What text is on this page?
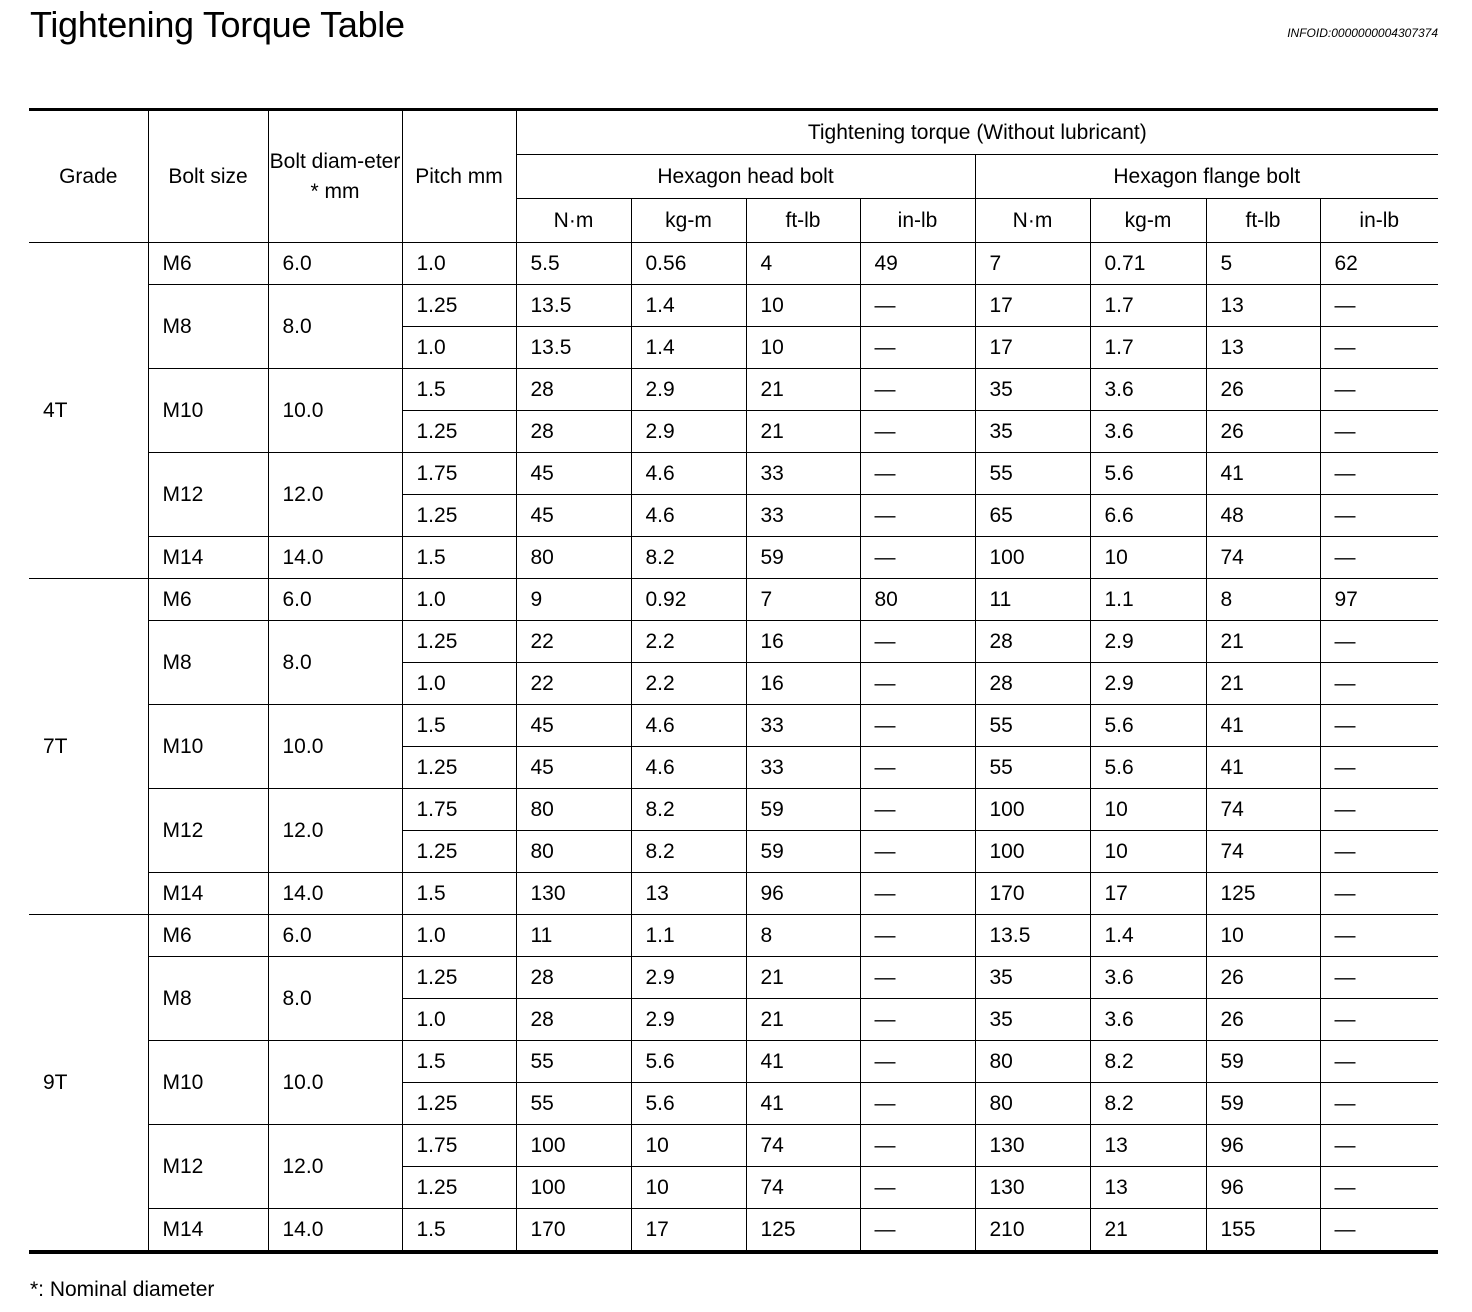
Tightening Torque Table	INFOID:0000000004307374
Grade	Bolt size	Bolt diam-eter * mm	Pitch mm	Tightening torque (Without lubricant)							
				Hexagon head bolt				Hexagon flange bolt			
				N·m	kg-m	ft-lb	in-lb	N·m	kg-m	ft-lb	in-lb
4T	M6	6.0	1.0	5.5	0.56	4	49	7	0.71	5	62
	M8	8.0	1.25	13.5	1.4	10	—	17	1.7	13	—
			1.0	13.5	1.4	10	—	17	1.7	13	—
	M10	10.0	1.5	28	2.9	21	—	35	3.6	26	—
			1.25	28	2.9	21	—	35	3.6	26	—
	M12	12.0	1.75	45	4.6	33	—	55	5.6	41	—
			1.25	45	4.6	33	—	65	6.6	48	—
	M14	14.0	1.5	80	8.2	59	—	100	10	74	—
7T	M6	6.0	1.0	9	0.92	7	80	11	1.1	8	97
	M8	8.0	1.25	22	2.2	16	—	28	2.9	21	—
			1.0	22	2.2	16	—	28	2.9	21	—
	M10	10.0	1.5	45	4.6	33	—	55	5.6	41	—
			1.25	45	4.6	33	—	55	5.6	41	—
	M12	12.0	1.75	80	8.2	59	—	100	10	74	—
			1.25	80	8.2	59	—	100	10	74	—
	M14	14.0	1.5	130	13	96	—	170	17	125	—
9T	M6	6.0	1.0	11	1.1	8	—	13.5	1.4	10	—
	M8	8.0	1.25	28	2.9	21	—	35	3.6	26	—
			1.0	28	2.9	21	—	35	3.6	26	—
	M10	10.0	1.5	55	5.6	41	—	80	8.2	59	—
			1.25	55	5.6	41	—	80	8.2	59	—
	M12	12.0	1.75	100	10	74	—	130	13	96	—
			1.25	100	10	74	—	130	13	96	—
	M14	14.0	1.5	170	17	125	—	210	21	155	—
*: Nominal diameter
